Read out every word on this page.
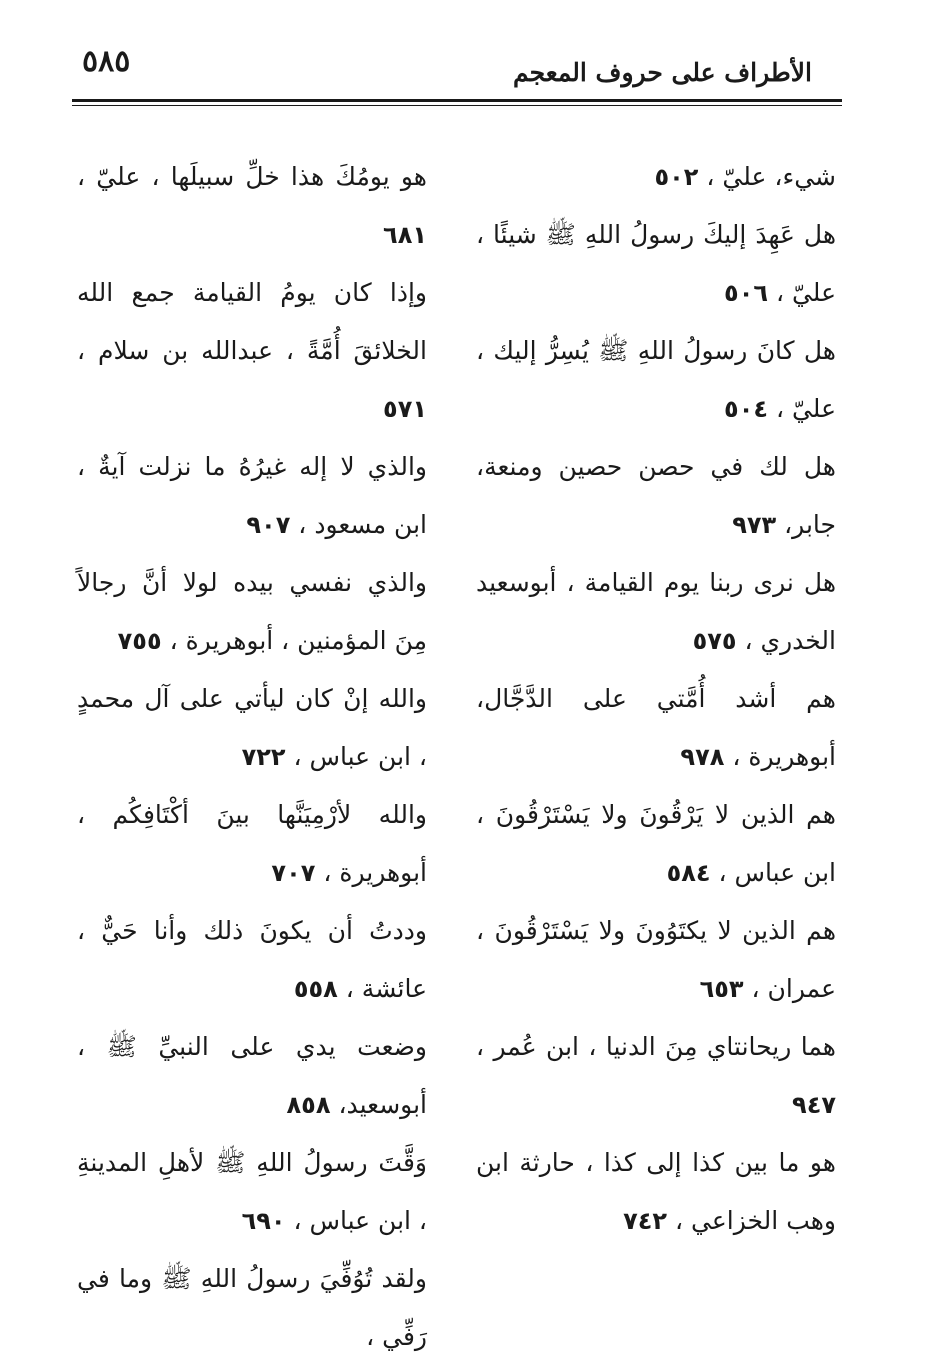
٥٨٥	الأطراف على حروف المعجم

شيء، عليّ ، ٥٠٢

هل عَهِدَ إليكَ رسولُ اللهِ ﷺ شيئًا ، عليّ ، ٥٠٦

هل كانَ رسولُ اللهِ ﷺ يُسِرُّ إليك ، عليّ ، ٥٠٤

هل لك في حصن حصين ومنعة، جابر، ٩٧٣

هل نرى ربنا يوم القيامة ، أبوسعيد الخدري ، ٥٧٥

هم أشد أُمَّتي على الدَّجَّال، أبوهريرة ، ٩٧٨

هم الذين لا يَرْقُونَ ولا يَسْتَرْقُونَ ، ابن عباس ، ٥٨٤

هم الذين لا يكتَوُونَ ولا يَسْتَرْقُونَ ، عمران ، ٦٥٣

هما ريحانتاي مِنَ الدنيا ، ابن عُمر ، ٩٤٧

هو ما بين كذا إلى كذا ، حارثة ابن وهب الخزاعي ، ٧٤٢

هو يومُكَ هذا خلِّ سبيلَها ، عليّ ، ٦٨١

وإذا كان يومُ القيامة جمع الله الخلائقَ أُمَّةً ، عبدالله بن سلام ، ٥٧١

والذي لا إله غيرُهُ ما نزلت آيةٌ ، ابن مسعود ، ٩٠٧

والذي نفسي بيده لولا أنَّ رجالاً مِنَ المؤمنين ، أبوهريرة ، ٧٥٥

والله إنْ كان ليأتي على آل محمدٍ ، ابن عباس ، ٧٢٢

والله لأرْمِيَنَّها بينَ أكْتَافِكُم ، أبوهريرة ، ٧٠٧

وددتُ أن يكونَ ذلك وأنا حَيٌّ ، عائشة ، ٥٥٨

وضعت يدي على النبيِّ ﷺ ، أبوسعيد، ٨٥٨

وَقَّتَ رسولُ اللهِ ﷺ لأهلِ المدينةِ ، ابن عباس ، ٦٩٠

ولقد تُوُفِّيَ رسولُ اللهِ ﷺ وما في رَفِّي ،
